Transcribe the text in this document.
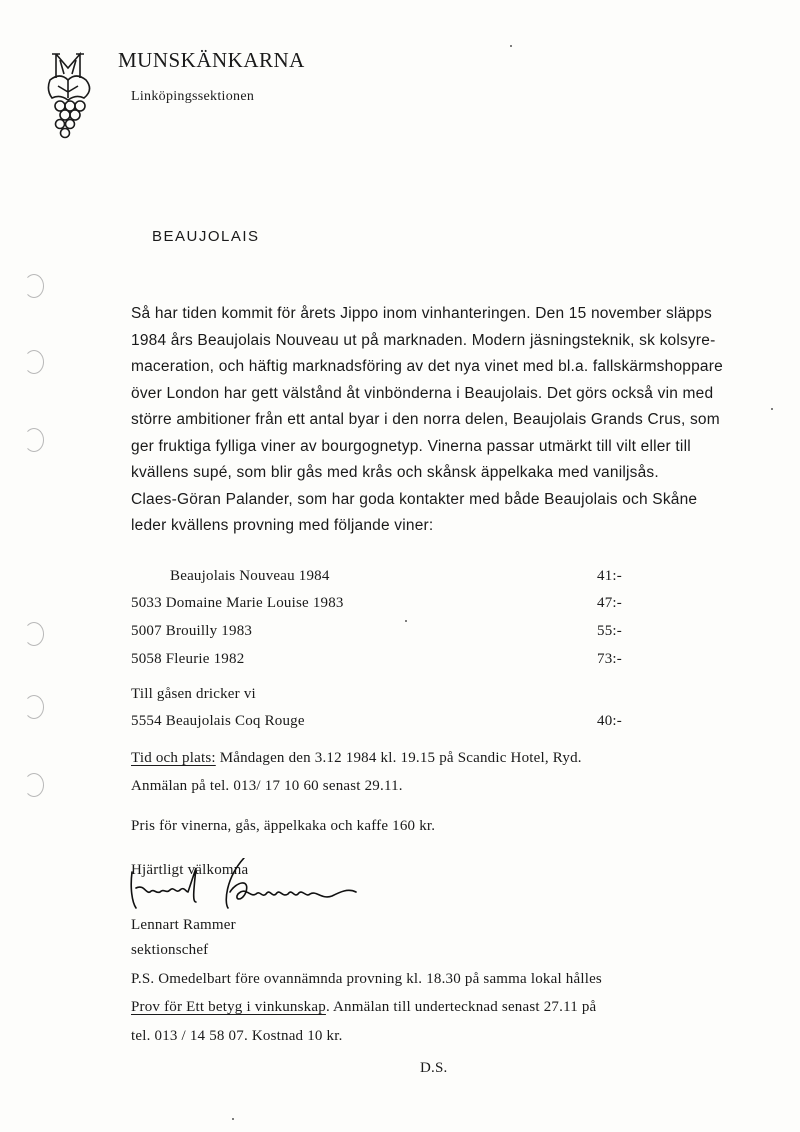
MUNSKÄNKARNA
Linköpingssektionen
BEAUJOLAIS
Så har tiden kommit för årets Jippo inom vinhanteringen. Den 15 november släpps
1984 års Beaujolais Nouveau ut på marknaden. Modern jäsningsteknik, sk kolsyre-
maceration, och häftig marknadsföring av det nya vinet med bl.a. fallskärmshoppare
över London har gett välstånd åt vinbönderna i Beaujolais. Det görs också vin med
större ambitioner från ett antal byar i den norra delen, Beaujolais Grands Crus, som
ger fruktiga fylliga viner av bourgognetyp. Vinerna passar utmärkt till vilt eller till
kvällens supé, som blir gås med krås och skånsk äppelkaka med vaniljsås.
Claes-Göran Palander, som har goda kontakter med både Beaujolais och Skåne
leder kvällens provning med följande viner:
Beaujolais Nouveau 1984	41:-
5033 Domaine Marie Louise 1983	47:-
5007 Brouilly 1983	55:-
5058 Fleurie 1982	73:-
Till gåsen dricker vi
5554 Beaujolais Coq Rouge	40:-
Tid och plats: Måndagen den 3.12 1984 kl. 19.15 på Scandic Hotel, Ryd.
Anmälan på tel. 013/ 17 10 60 senast 29.11.
Pris för vinerna, gås, äppelkaka och kaffe 160 kr.
Hjärtligt välkomna
Lennart Rammer
sektionschef
P.S. Omedelbart före ovannämnda provning kl. 18.30 på samma lokal hålles
Prov för Ett betyg i vinkunskap. Anmälan till undertecknad senast 27.11 på
tel. 013 / 14 58 07. Kostnad 10 kr.
D.S.
